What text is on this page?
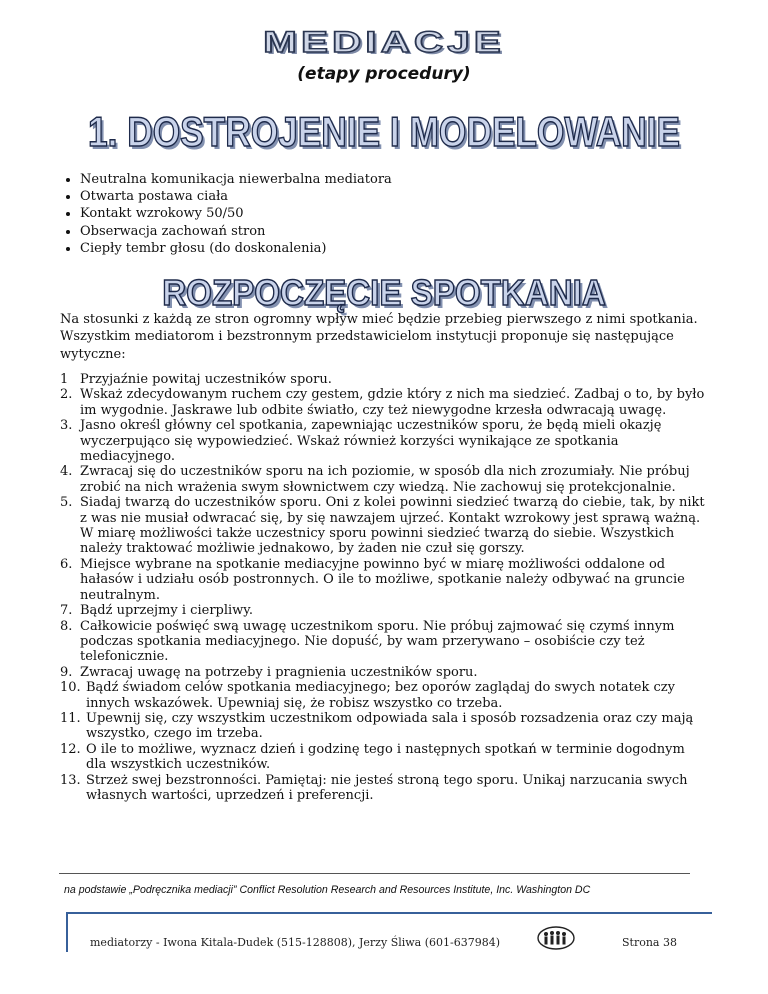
MEDIACJE
(etapy procedury)
1. DOSTROJENIE I MODELOWANIE
• Neutralna komunikacja niewerbalna mediatora
• Otwarta postawa ciała
• Kontakt wzrokowy 50/50
• Obserwacja zachowań stron
• Ciepły tembr głosu (do doskonalenia)
ROZPOCZĘCIE SPOTKANIA

Na stosunki z każdą ze stron ogromny wpływ mieć będzie przebieg pierwszego z nimi spotkania. Wszystkim mediatorom i bezstronnym przedstawicielom instytucji proponuje się następujące wytyczne:

1 Przyjaźnie powitaj uczestników sporu.
2. Wskaż zdecydowanym ruchem czy gestem, gdzie który z nich ma siedzieć. Zadbaj o to, by było im wygodnie. Jaskrawe lub odbite światło, czy też niewygodne krzesła odwracają uwagę.
3. Jasno określ główny cel spotkania, zapewniając uczestników sporu, że będą mieli okazję wyczerpująco się wypowiedzieć. Wskaż również korzyści wynikające ze spotkania mediacyjnego.
4. Zwracaj się do uczestników sporu na ich poziomie, w sposób dla nich zrozumiały. Nie próbuj zrobić na nich wrażenia swym słownictwem czy wiedzą. Nie zachowuj się protekcjonalnie.
5. Siadaj twarzą do uczestników sporu. Oni z kolei powinni siedzieć twarzą do ciebie, tak, by nikt z was nie musiał odwracać się, by się nawzajem ujrzeć. Kontakt wzrokowy jest sprawą ważną. W miarę możliwości także uczestnicy sporu powinni siedzieć twarzą do siebie. Wszystkich należy traktować możliwie jednakowo, by żaden nie czuł się gorszy.
6. Miejsce wybrane na spotkanie mediacyjne powinno być w miarę możliwości oddalone od hałasów i udziału osób postronnych. O ile to możliwe, spotkanie należy odbywać na gruncie neutralnym.
7. Bądź uprzejmy i cierpliwy.
8. Całkowicie poświęć swą uwagę uczestnikom sporu. Nie próbuj zajmować się czymś innym podczas spotkania mediacyjnego. Nie dopuść, by wam przerywano – osobiście czy też telefonicznie.
9. Zwracaj uwagę na potrzeby i pragnienia uczestników sporu.
10. Bądź świadom celów spotkania mediacyjnego; bez oporów zaglądaj do swych notatek czy innych wskazówek. Upewniaj się, że robisz wszystko co trzeba.
11. Upewnij się, czy wszystkim uczestnikom odpowiada sala i sposób rozsadzenia oraz czy mają wszystko, czego im trzeba.
12. O ile to możliwe, wyznacz dzień i godzinę tego i następnych spotkań w terminie dogodnym dla wszystkich uczestników.
13. Strzeż swej bezstronności. Pamiętaj: nie jesteś stroną tego sporu. Unikaj narzucania swych własnych wartości, uprzedzeń i preferencji.
na podstawie „Podręcznika mediacji” Conflict Resolution Research and Resources Institute, Inc. Washington DC
mediatorzy - Iwona Kitala-Dudek (515-128808), Jerzy Śliwa (601-637984)	Strona 38
